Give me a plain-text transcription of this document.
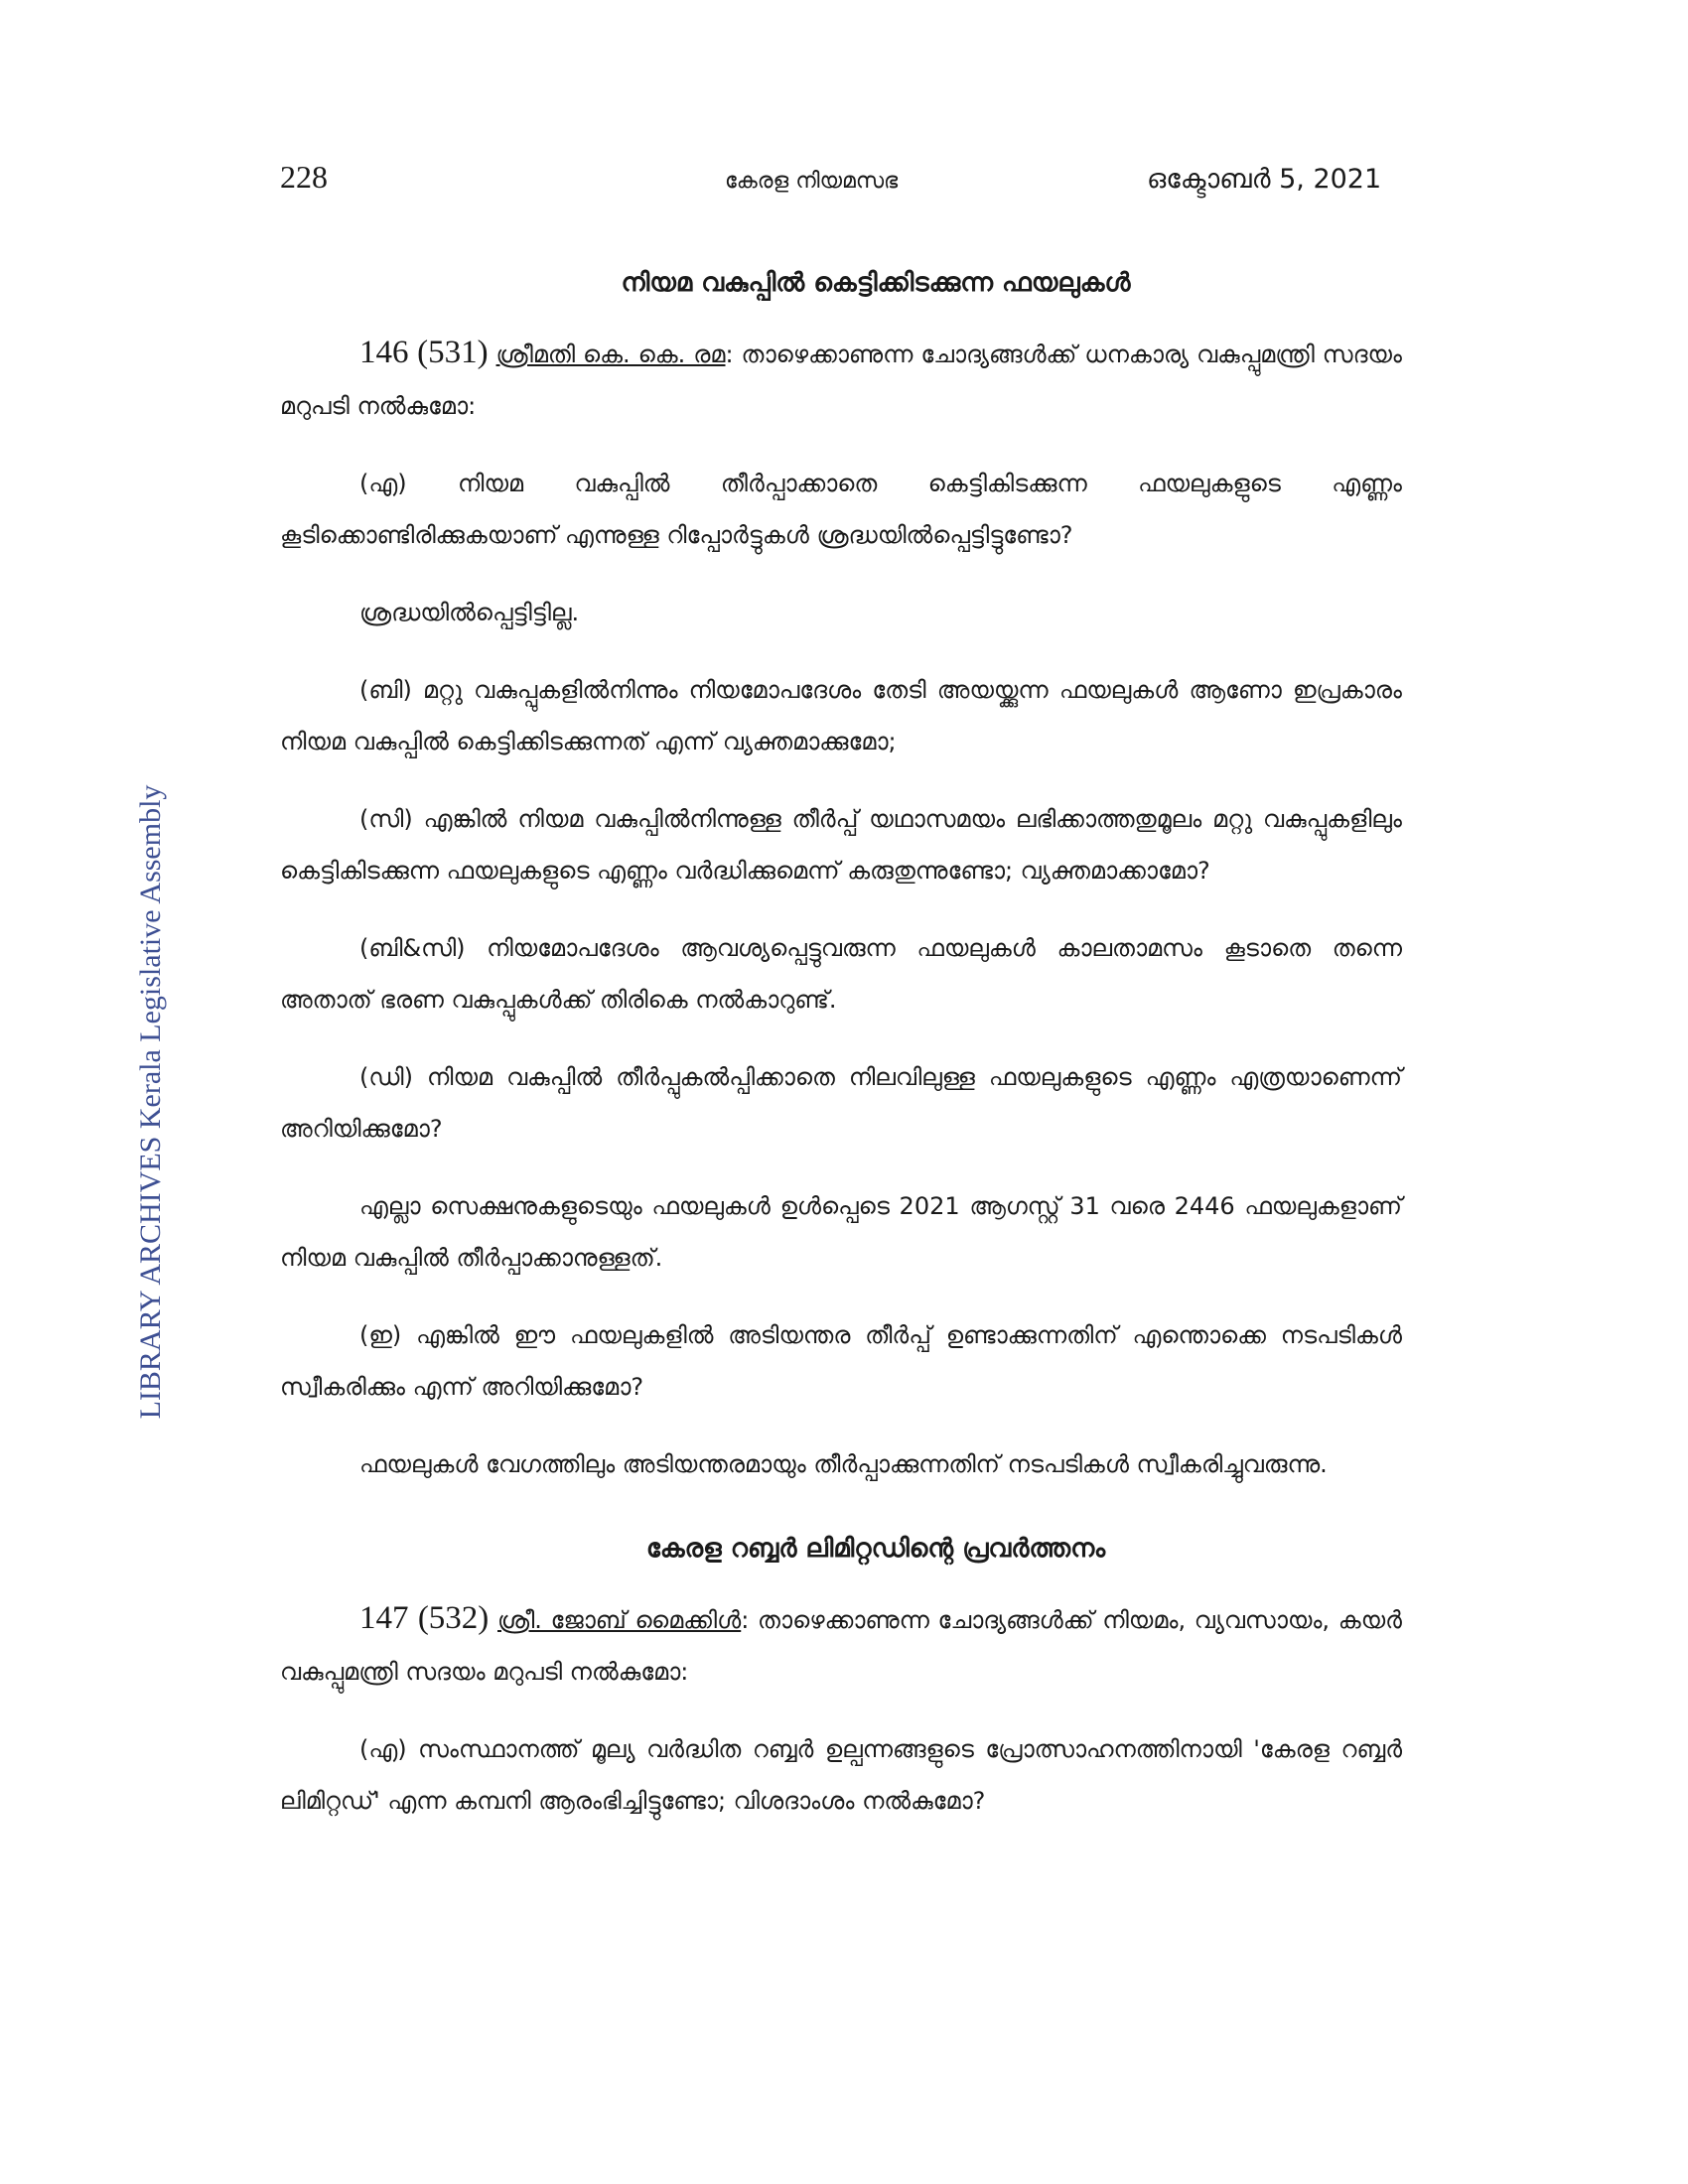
228	കേരള നിയമസഭ	ഒക്ടോബർ 5, 2021
LIBRARY ARCHIVES Kerala Legislative Assembly
നിയമ വകുപ്പിൽ കെട്ടിക്കിടക്കുന്ന ഫയലുകൾ

146 (531) ശ്രീമതി കെ. കെ. രമ: താഴെക്കാണുന്ന ചോദ്യങ്ങൾക്ക് ധനകാര്യ വകുപ്പുമന്ത്രി സദയം മറുപടി നൽകുമോ:

(എ) നിയമ വകുപ്പിൽ തീർപ്പാക്കാതെ കെട്ടികിടക്കുന്ന ഫയലുകളുടെ എണ്ണം കൂടിക്കൊണ്ടിരിക്കുകയാണ് എന്നുള്ള റിപ്പോർട്ടുകൾ ശ്രദ്ധയിൽപ്പെട്ടിട്ടുണ്ടോ?

ശ്രദ്ധയിൽപ്പെട്ടിട്ടില്ല.

(ബി) മറ്റു വകുപ്പുകളിൽനിന്നും നിയമോപദേശം തേടി അയയ്ക്കുന്ന ഫയലുകൾ ആണോ ഇപ്രകാരം നിയമ വകുപ്പിൽ കെട്ടിക്കിടക്കുന്നത് എന്ന് വ്യക്തമാക്കുമോ;

(സി) എങ്കിൽ നിയമ വകുപ്പിൽനിന്നുള്ള തീർപ്പ് യഥാസമയം ലഭിക്കാത്തതുമൂലം മറ്റു വകുപ്പുകളിലും കെട്ടികിടക്കുന്ന ഫയലുകളുടെ എണ്ണം വർദ്ധിക്കുമെന്ന് കരുതുന്നുണ്ടോ; വ്യക്തമാക്കാമോ?

(ബി&സി) നിയമോപദേശം ആവശ്യപ്പെട്ടുവരുന്ന ഫയലുകൾ കാലതാമസം കൂടാതെ തന്നെ അതാത് ഭരണ വകുപ്പുകൾക്ക് തിരികെ നൽകാറുണ്ട്.

(ഡി) നിയമ വകുപ്പിൽ തീർപ്പുകൽപ്പിക്കാതെ നിലവിലുള്ള ഫയലുകളുടെ എണ്ണം എത്രയാണെന്ന് അറിയിക്കുമോ?

എല്ലാ സെക്ഷനുകളുടെയും ഫയലുകൾ ഉൾപ്പെടെ 2021 ആഗസ്റ്റ് 31 വരെ 2446 ഫയലുകളാണ് നിയമ വകുപ്പിൽ തീർപ്പാക്കാനുള്ളത്.

(ഇ) എങ്കിൽ ഈ ഫയലുകളിൽ അടിയന്തര തീർപ്പ് ഉണ്ടാക്കുന്നതിന് എന്തൊക്കെ നടപടികൾ സ്വീകരിക്കും എന്ന് അറിയിക്കുമോ?

ഫയലുകൾ വേഗത്തിലും അടിയന്തരമായും തീർപ്പാക്കുന്നതിന് നടപടികൾ സ്വീകരിച്ചുവരുന്നു.

കേരള റബ്ബർ ലിമിറ്റഡിന്റെ പ്രവർത്തനം

147 (532) ശ്രീ. ജോബ് മൈക്കിൾ: താഴെക്കാണുന്ന ചോദ്യങ്ങൾക്ക് നിയമം, വ്യവസായം, കയർ വകുപ്പുമന്ത്രി സദയം മറുപടി നൽകുമോ:

(എ) സംസ്ഥാനത്ത് മൂല്യ വർദ്ധിത റബ്ബർ ഉല്പന്നങ്ങളുടെ പ്രോത്സാഹനത്തിനായി 'കേരള റബ്ബർ ലിമിറ്റഡ്' എന്ന കമ്പനി ആരംഭിച്ചിട്ടുണ്ടോ; വിശദാംശം നൽകുമോ?
